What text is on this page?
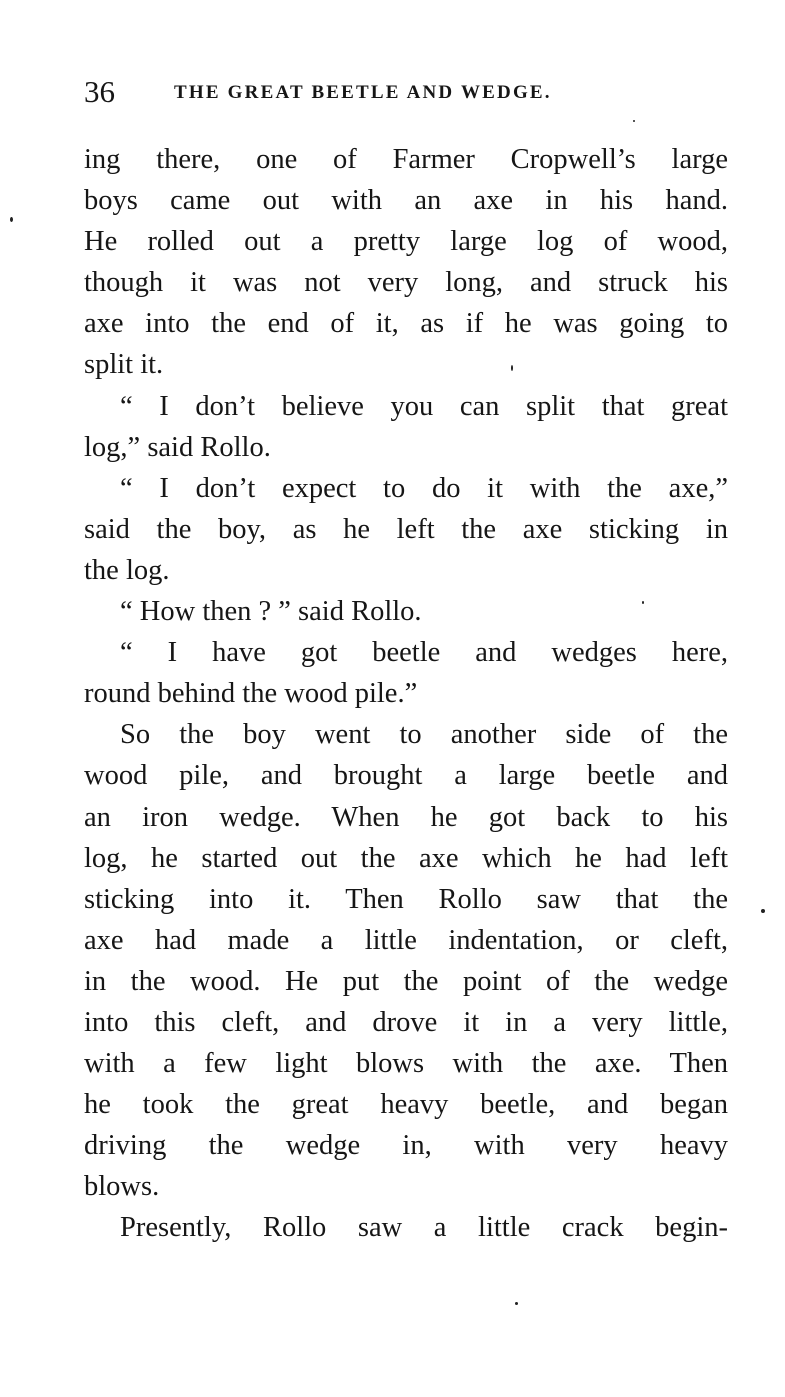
36	THE GREAT BEETLE AND WEDGE.
ing there, one of Farmer Cropwell’s large
boys came out with an axe in his hand.
He rolled out a pretty large log of wood,
though it was not very long, and struck his
axe into the end of it, as if he was going to
split it.
“ I don’t believe you can split that great
log,” said Rollo.
“ I don’t expect to do it with the axe,”
said the boy, as he left the axe sticking in
the log.
“ How then ? ” said Rollo.
“ I have got beetle and wedges here,
round behind the wood pile.”
So the boy went to another side of the
wood pile, and brought a large beetle and
an iron wedge. When he got back to his
log, he started out the axe which he had left
sticking into it. Then Rollo saw that the
axe had made a little indentation, or cleft,
in the wood. He put the point of the wedge
into this cleft, and drove it in a very little,
with a few light blows with the axe. Then
he took the great heavy beetle, and began
driving the wedge in, with very heavy
blows.
Presently, Rollo saw a little crack begin-
